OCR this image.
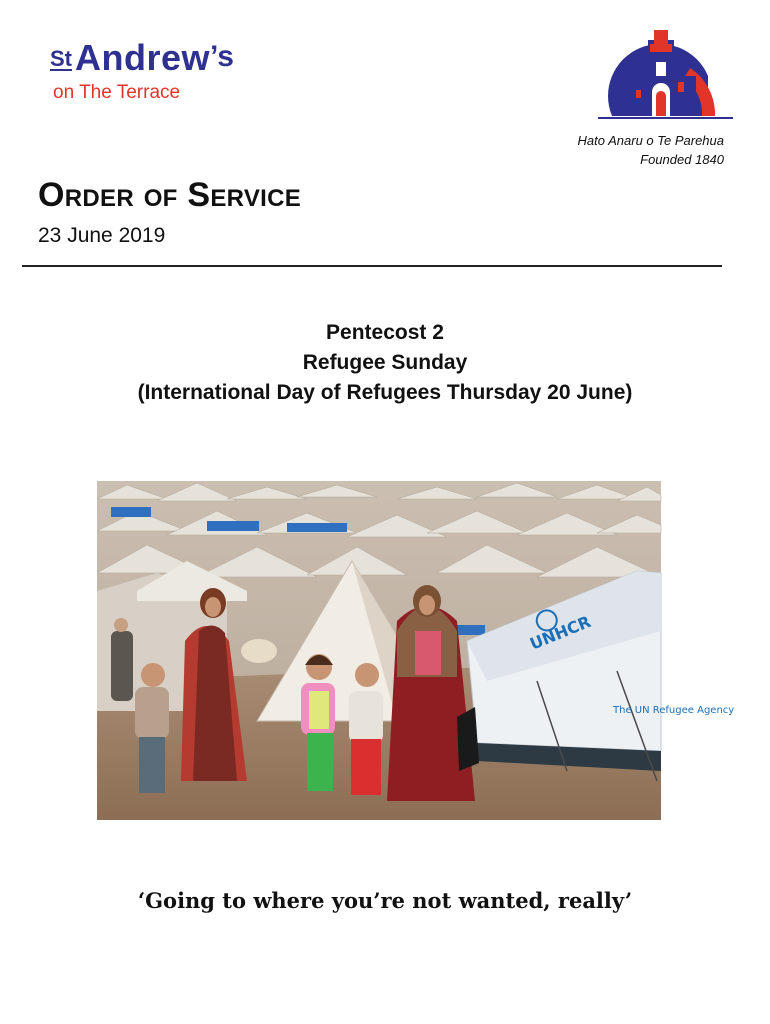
St Andrew ’s
on The Terrace
Hato Anaru o Te Parehua
Founded 1840
Order of Service
23 June 2019
Pentecost 2
Refugee Sunday
(International Day of Refugees Thursday 20 June)
UNHCR
The UN Refugee Agency
‘Going to where you’re not wanted, really’
